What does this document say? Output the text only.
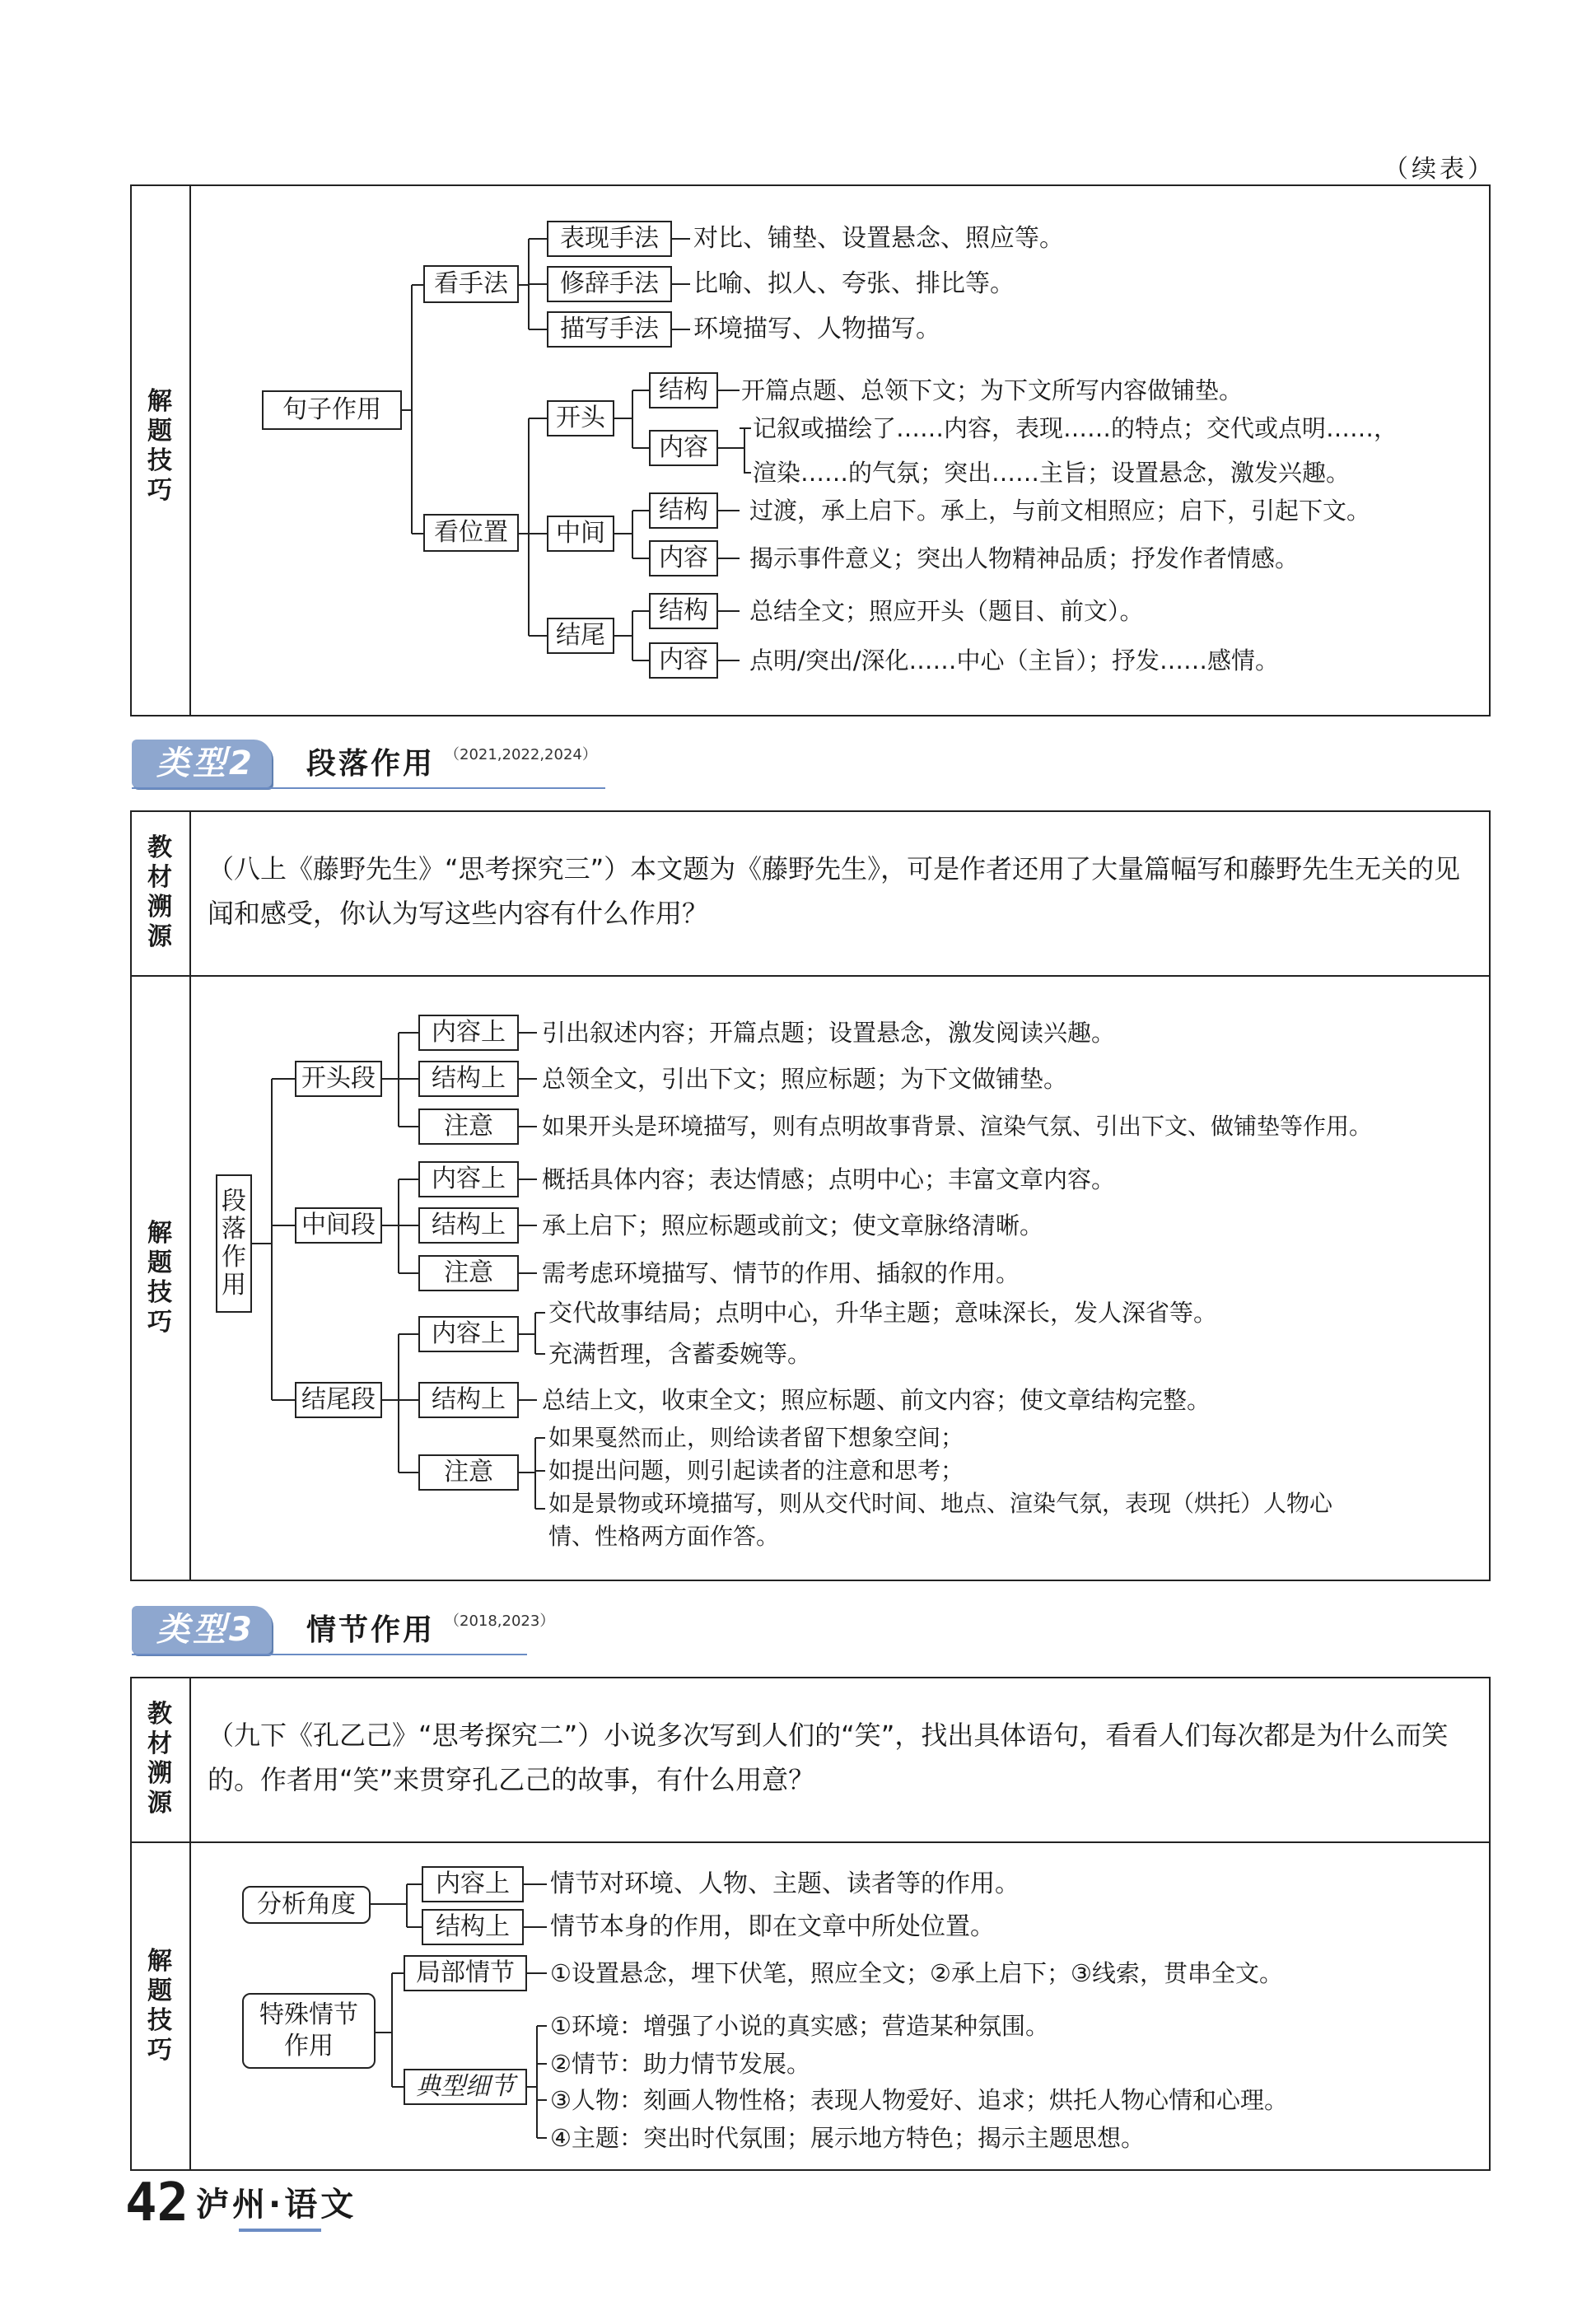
（续表）
解题技巧
句子作用
看手法
看位置
表现手法
修辞手法
描写手法
对比、铺垫、设置悬念、照应等。
比喻、拟人、夸张、排比等。
环境描写、人物描写。
开头
中间
结尾
结构
内容
结构
内容
结构
内容
开篇点题、总领下文；为下文所写内容做铺垫。
记叙或描绘了……内容，表现……的特点；交代或点明……，
渲染……的气氛；突出……主旨；设置悬念，激发兴趣。
过渡，承上启下。承上，与前文相照应；启下，引起下文。
揭示事件意义；突出人物精神品质；抒发作者情感。
总结全文；照应开头（题目、前文）。
点明/突出/深化……中心（主旨）；抒发……感情。
类型2 段落作用 （2021,2022,2024）
教材溯源
解题技巧
（八上《藤野先生》“思考探究三”）本文题为《藤野先生》，可是作者还用了大量篇幅写和藤野先生无关的见闻和感受，你认为写这些内容有什么作用？
段落作用
开头段
中间段
结尾段
内容上
结构上
注意
内容上
结构上
注意
内容上
结构上
注意
引出叙述内容；开篇点题；设置悬念，激发阅读兴趣。
总领全文，引出下文；照应标题；为下文做铺垫。
如果开头是环境描写，则有点明故事背景、渲染气氛、引出下文、做铺垫等作用。
概括具体内容；表达情感；点明中心；丰富文章内容。
承上启下；照应标题或前文；使文章脉络清晰。
需考虑环境描写、情节的作用、插叙的作用。
交代故事结局；点明中心，升华主题；意味深长，发人深省等。
充满哲理，含蓄委婉等。
总结上文，收束全文；照应标题、前文内容；使文章结构完整。
如果戛然而止，则给读者留下想象空间；
如提出问题，则引起读者的注意和思考；
如是景物或环境描写，则从交代时间、地点、渲染气氛，表现（烘托）人物心
情、性格两方面作答。
类型3 情节作用 （2018,2023）
教材溯源
解题技巧
（九下《孔乙己》“思考探究二”）小说多次写到人们的“笑”，找出具体语句，看看人们每次都是为什么而笑的。作者用“笑”来贯穿孔乙己的故事，有什么用意？
分析角度
内容上
结构上
情节对环境、人物、主题、读者等的作用。
情节本身的作用，即在文章中所处位置。
特殊情节
作用
局部情节
典型细节
①设置悬念，埋下伏笔，照应全文；②承上启下；③线索，贯串全文。
①环境：增强了小说的真实感；营造某种氛围。
②情节：助力情节发展。
③人物：刻画人物性格；表现人物爱好、追求；烘托人物心情和心理。
④主题：突出时代氛围；展示地方特色；揭示主题思想。
42 泸州·语文
